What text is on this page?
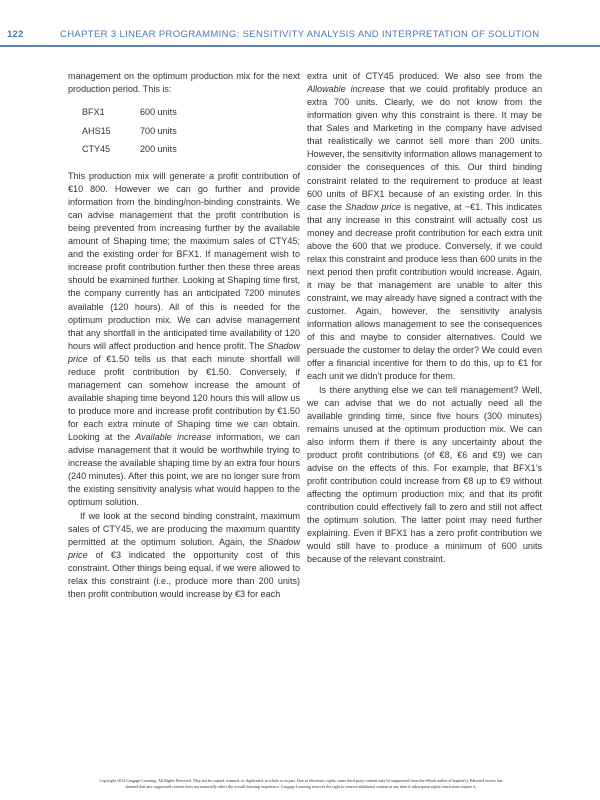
122	CHAPTER 3 LINEAR PROGRAMMING: SENSITIVITY ANALYSIS AND INTERPRETATION OF SOLUTION

management on the optimum production mix for the next production period. This is:

BFX1	600 units
AHS15	700 units
CTY45	200 units

This production mix will generate a profit contribution of €10 800. However we can go further and provide information from the binding/non-binding constraints. We can advise management that the profit contribution is being prevented from increasing further by the available amount of Shaping time; the maximum sales of CTY45; and the existing order for BFX1. If management wish to increase profit contribution further then these three areas should be examined further. Looking at Shaping time first, the company currently has an anticipated 7200 minutes available (120 hours). All of this is needed for the optimum production mix. We can advise management that any shortfall in the anticipated time availability of 120 hours will affect production and hence profit. The Shadow price of €1.50 tells us that each minute shortfall will reduce profit contribution by €1.50. Conversely, if management can somehow increase the amount of available shaping time beyond 120 hours this will allow us to produce more and increase profit contribution by €1.50 for each extra minute of Shaping time we can obtain. Looking at the Available increase information, we can advise management that it would be worthwhile trying to increase the available shaping time by an extra four hours (240 minutes). After this point, we are no longer sure from the existing sensitivity analysis what would happen to the optimum solution.

If we look at the second binding constraint, maximum sales of CTY45, we are producing the maximum quantity permitted at the optimum solution. Again, the Shadow price of €3 indicated the opportunity cost of this constraint. Other things being equal, if we were allowed to relax this constraint (i.e., produce more than 200 units) then profit contribution would increase by €3 for each

extra unit of CTY45 produced. We also see from the Allowable increase that we could profitably produce an extra 700 units. Clearly, we do not know from the information given why this constraint is there. It may be that Sales and Marketing in the company have advised that realistically we cannot sell more than 200 units. However, the sensitivity information allows management to consider the consequences of this. Our third binding constraint related to the requirement to produce at least 600 units of BFX1 because of an existing order. In this case the Shadow price is negative, at −€1. This indicates that any increase in this constraint will actually cost us money and decrease profit contribution for each extra unit above the 600 that we produce. Conversely, if we could relax this constraint and produce less than 600 units in the next period then profit contribution would increase. Again, it may be that management are unable to alter this constraint, we may already have signed a contract with the customer. Again, however, the sensitivity analysis information allows management to see the consequences of this and maybe to consider alternatives. Could we persuade the customer to delay the order? We could even offer a financial incentive for them to do this, up to €1 for each unit we didn’t produce for them.

Is there anything else we can tell management? Well, we can advise that we do not actually need all the available grinding time, since five hours (300 minutes) remains unused at the optimum production mix. We can also inform them if there is any uncertainty about the product profit contributions (of €8, €6 and €9) we can advise on the effects of this. For example, that BFX1’s profit contribution could increase from €8 up to €9 without affecting the optimum production mix; and that its profit contribution could effectively fall to zero and still not affect the optimum solution. The latter point may need further explaining. Even if BFX1 has a zero profit contribution we would still have to produce a minimum of 600 units because of the relevant constraint.

Copyright 2014 Cengage Learning. All Rights Reserved. May not be copied, scanned, or duplicated, in whole or in part. Due to electronic rights, some third party content may be suppressed from the eBook and/or eChapter(s). Editorial review has
deemed that any suppressed content does not materially affect the overall learning experience. Cengage Learning reserves the right to remove additional content at any time if subsequent rights restrictions require it.
